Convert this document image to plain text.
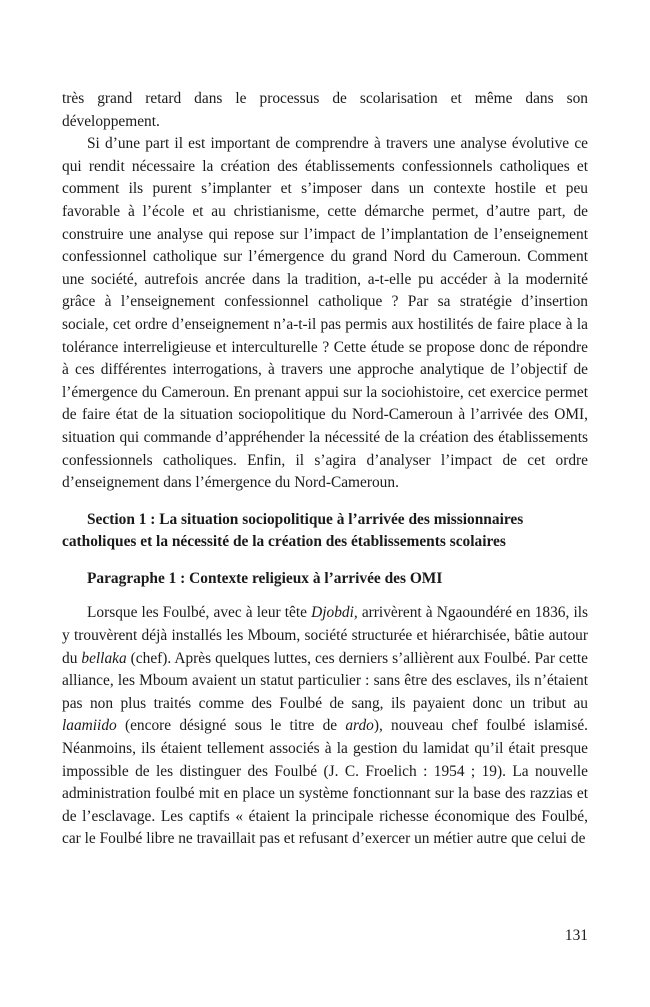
très grand retard dans le processus de scolarisation et même dans son développement.

Si d’une part il est important de comprendre à travers une analyse évolutive ce qui rendit nécessaire la création des établissements confessionnels catholiques et comment ils purent s’implanter et s’imposer dans un contexte hostile et peu favorable à l’école et au christianisme, cette démarche permet, d’autre part, de construire une analyse qui repose sur l’impact de l’implantation de l’enseignement confessionnel catholique sur l’émergence du grand Nord du Cameroun. Comment une société, autrefois ancrée dans la tradition, a-t-elle pu accéder à la modernité grâce à l’enseignement confessionnel catholique ? Par sa stratégie d’insertion sociale, cet ordre d’enseignement n’a-t-il pas permis aux hostilités de faire place à la tolérance interreligieuse et interculturelle ? Cette étude se propose donc de répondre à ces différentes interrogations, à travers une approche analytique de l’objectif de l’émergence du Cameroun. En prenant appui sur la sociohistoire, cet exercice permet de faire état de la situation sociopolitique du Nord-Cameroun à l’arrivée des OMI, situation qui commande d’appréhender la nécessité de la création des établissements confessionnels catholiques. Enfin, il s’agira d’analyser l’impact de cet ordre d’enseignement dans l’émergence du Nord-Cameroun.

Section 1 : La situation sociopolitique à l’arrivée des missionnaires catholiques et la nécessité de la création des établissements scolaires
Paragraphe 1 : Contexte religieux à l’arrivée des OMI

Lorsque les Foulbé, avec à leur tête Djobdi, arrivèrent à Ngaoundéré en 1836, ils y trouvèrent déjà installés les Mboum, société structurée et hiérarchisée, bâtie autour du bellaka (chef). Après quelques luttes, ces derniers s’allièrent aux Foulbé. Par cette alliance, les Mboum avaient un statut particulier : sans être des esclaves, ils n’étaient pas non plus traités comme des Foulbé de sang, ils payaient donc un tribut au laamiido (encore désigné sous le titre de ardo), nouveau chef foulbé islamisé. Néanmoins, ils étaient tellement associés à la gestion du lamidat qu’il était presque impossible de les distinguer des Foulbé (J. C. Froelich : 1954 ; 19). La nouvelle administration foulbé mit en place un système fonctionnant sur la base des razzias et de l’esclavage. Les captifs « étaient la principale richesse économique des Foulbé, car le Foulbé libre ne travaillait pas et refusant d’exercer un métier autre que celui de

131
